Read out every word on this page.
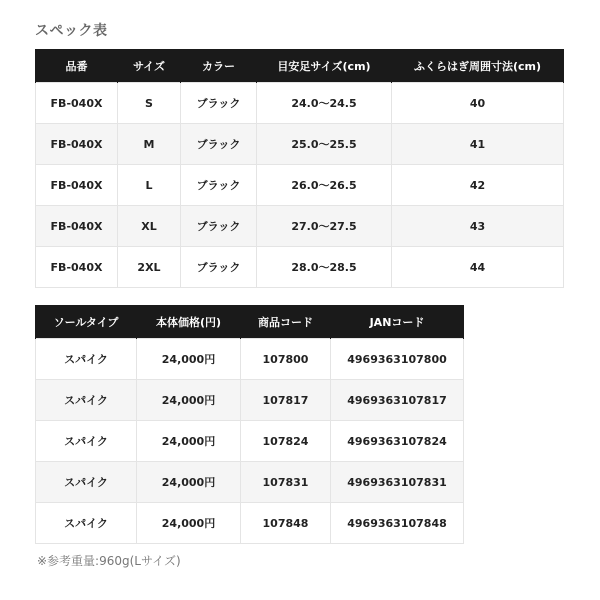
スペック表
品番	サイズ	カラー	目安足サイズ(cm)	ふくらはぎ周囲寸法(cm)
FB-040X	S	ブラック	24.0〜24.5	40
FB-040X	M	ブラック	25.0〜25.5	41
FB-040X	L	ブラック	26.0〜26.5	42
FB-040X	XL	ブラック	27.0〜27.5	43
FB-040X	2XL	ブラック	28.0〜28.5	44
ソールタイプ	本体価格(円)	商品コード	JANコード
スパイク	24,000円	107800	4969363107800
スパイク	24,000円	107817	4969363107817
スパイク	24,000円	107824	4969363107824
スパイク	24,000円	107831	4969363107831
スパイク	24,000円	107848	4969363107848
※参考重量:960g(Lサイズ)
